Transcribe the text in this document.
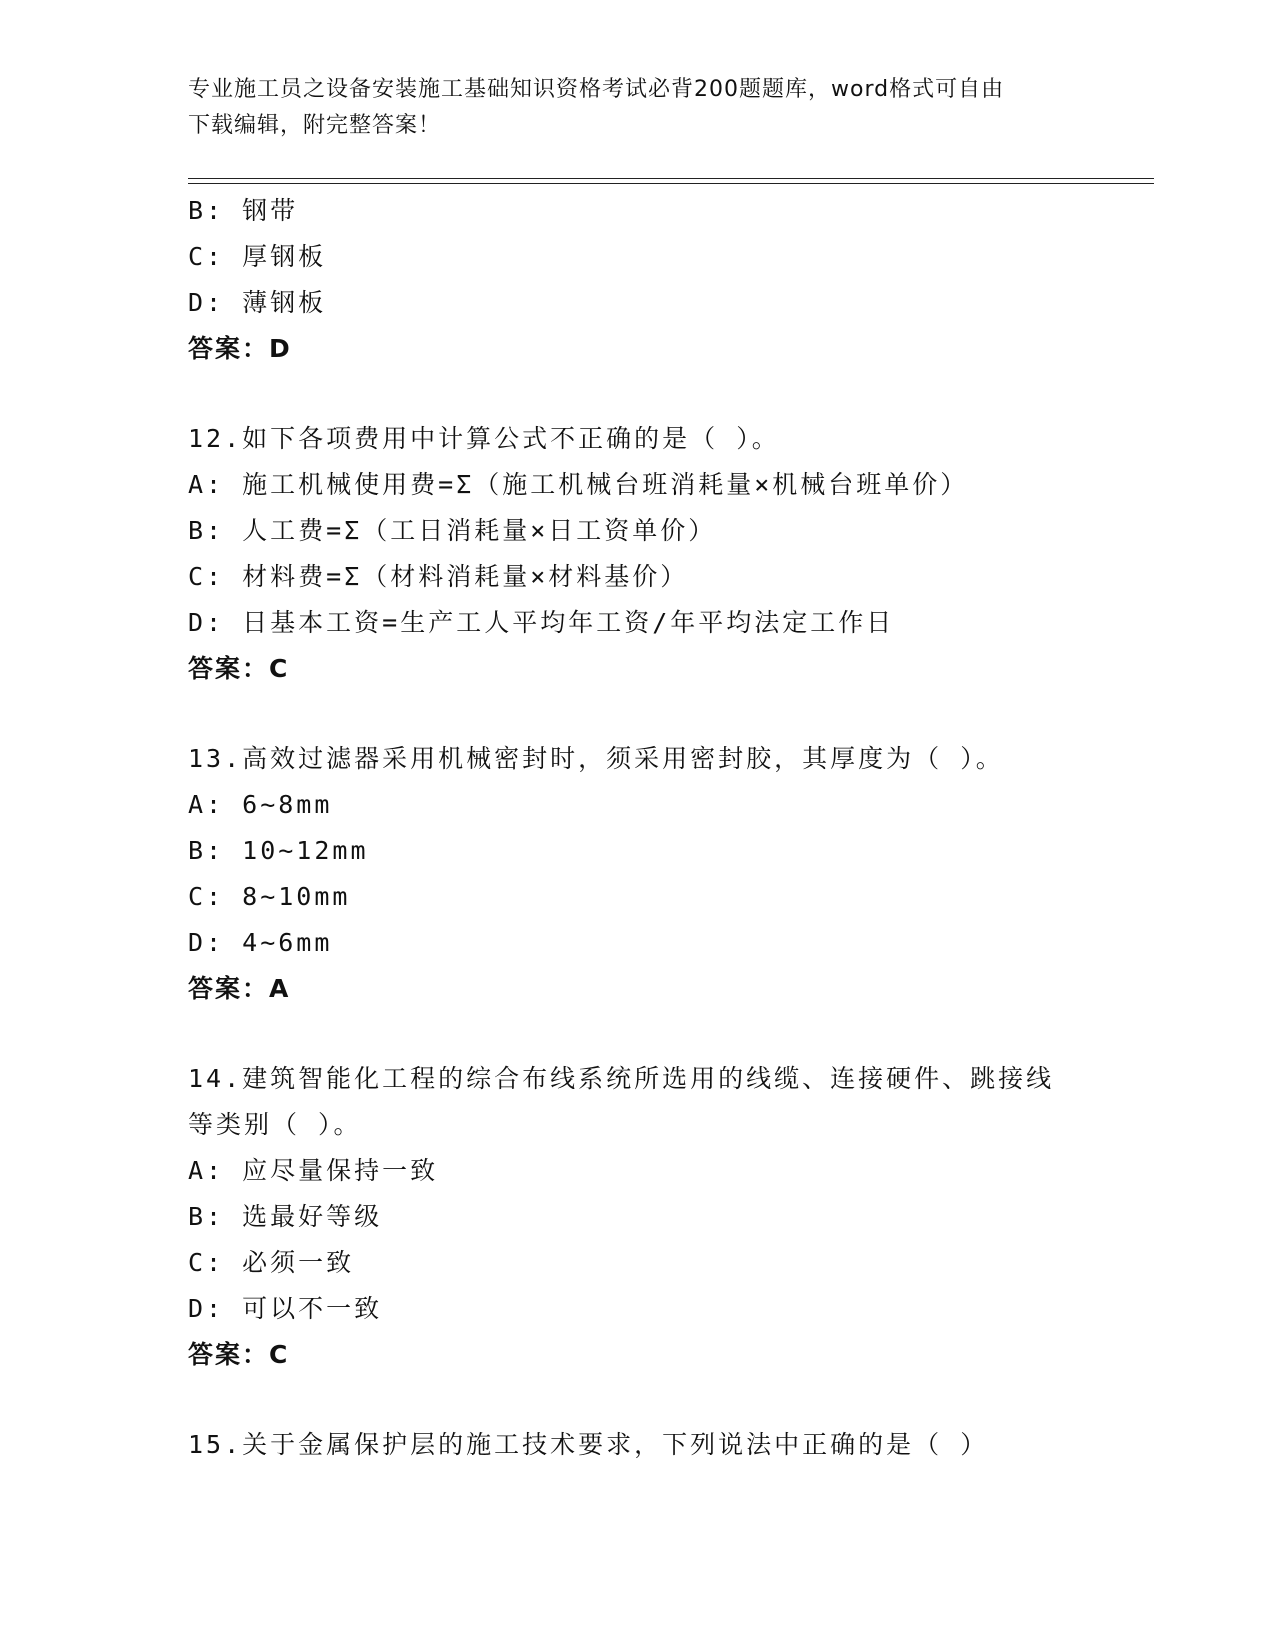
专业施工员之设备安装施工基础知识资格考试必背200题题库，word格式可自由
下载编辑，附完整答案！
B: 钢带
C: 厚钢板
D: 薄钢板
答案：D
12.如下各项费用中计算公式不正确的是（ ）。
A: 施工机械使用费=Σ（施工机械台班消耗量×机械台班单价）
B: 人工费=Σ（工日消耗量×日工资单价）
C: 材料费=Σ（材料消耗量×材料基价）
D: 日基本工资=生产工人平均年工资/年平均法定工作日
答案：C
13.高效过滤器采用机械密封时，须采用密封胶，其厚度为（ ）。
A: 6~8mm
B: 10~12mm
C: 8~10mm
D: 4~6mm
答案：A
14.建筑智能化工程的综合布线系统所选用的线缆、连接硬件、跳接线
等类别（ ）。
A: 应尽量保持一致
B: 选最好等级
C: 必须一致
D: 可以不一致
答案：C
15.关于金属保护层的施工技术要求，下列说法中正确的是（ ）
